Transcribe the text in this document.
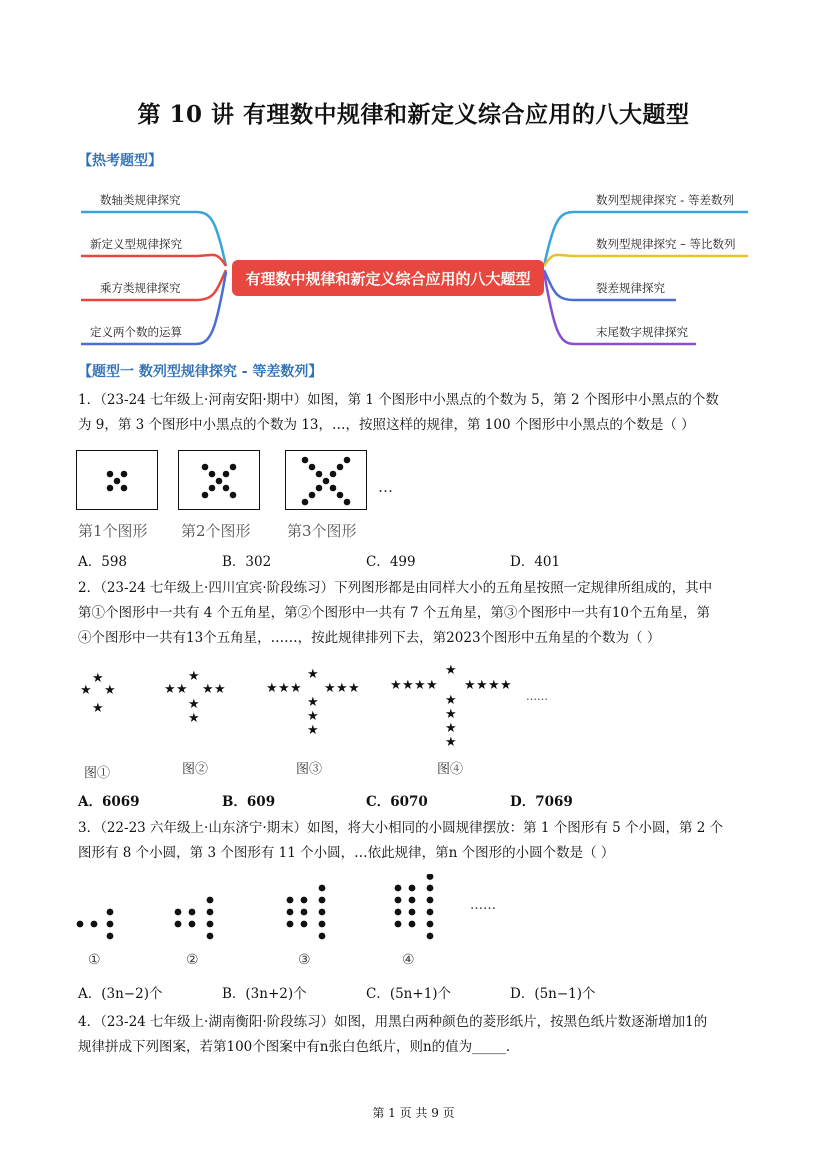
第 10 讲 有理数中规律和新定义综合应用的八大题型
【热考题型】
有理数中规律和新定义综合应用的八大题型
数轴类规律探究
新定义型规律探究
乘方类规律探究
定义两个数的运算
数列型规律探究 - 等差数列
数列型规律探究 – 等比数列
裂差规律探究
末尾数字规律探究
【题型一 数列型规律探究 - 等差数列】
1．（23-24 七年级上·河南安阳·期中）如图，第 1 个图形中小黑点的个数为 5，第 2 个图形中小黑点的个数
为 9，第 3 个图形中小黑点的个数为 13，…，按照这样的规律，第 100 个图形中小黑点的个数是（ ）
…
第1个图形 第2个图形 第3个图形
A．598	B．302	C．499	D．401
2．（23-24 七年级上·四川宜宾·阶段练习）下列图形都是由同样大小的五角星按照一定规律所组成的，其中
第①个图形中一共有 4 个五角星，第②个图形中一共有 7 个五角星，第③个图形中一共有10个五角星，第
④个图形中一共有13个五角星，……，按此规律排列下去，第2023个图形中五角星的个数为（ ）
★
★ ★
★
★
★ ★ ★ ★
★
★
★
★ ★ ★ ★ ★ ★
★
★
★
★
★ ★ ★ ★ ★ ★ ★ ★
★
★
★
★
……
图①	图②	图③	图④
A．6069	B．609	C．6070	D．7069
3．（22-23 六年级上·山东济宁·期末）如图，将大小相同的小圆规律摆放：第 1 个图形有 5 个小圆，第 2 个
图形有 8 个小圆，第 3 个图形有 11 个小圆，…依此规律，第n 个图形的小圆个数是（ ）
……
①	②	③	④
A．(3n−2)个	B．(3n+2)个	C．(5n+1)个	D．(5n−1)个
4．（23-24 七年级上·湖南衡阳·阶段练习）如图，用黑白两种颜色的菱形纸片，按黑色纸片数逐渐增加1的
规律拼成下列图案，若第100个图案中有n张白色纸片，则n的值为_____．
第 1 页 共 9 页
